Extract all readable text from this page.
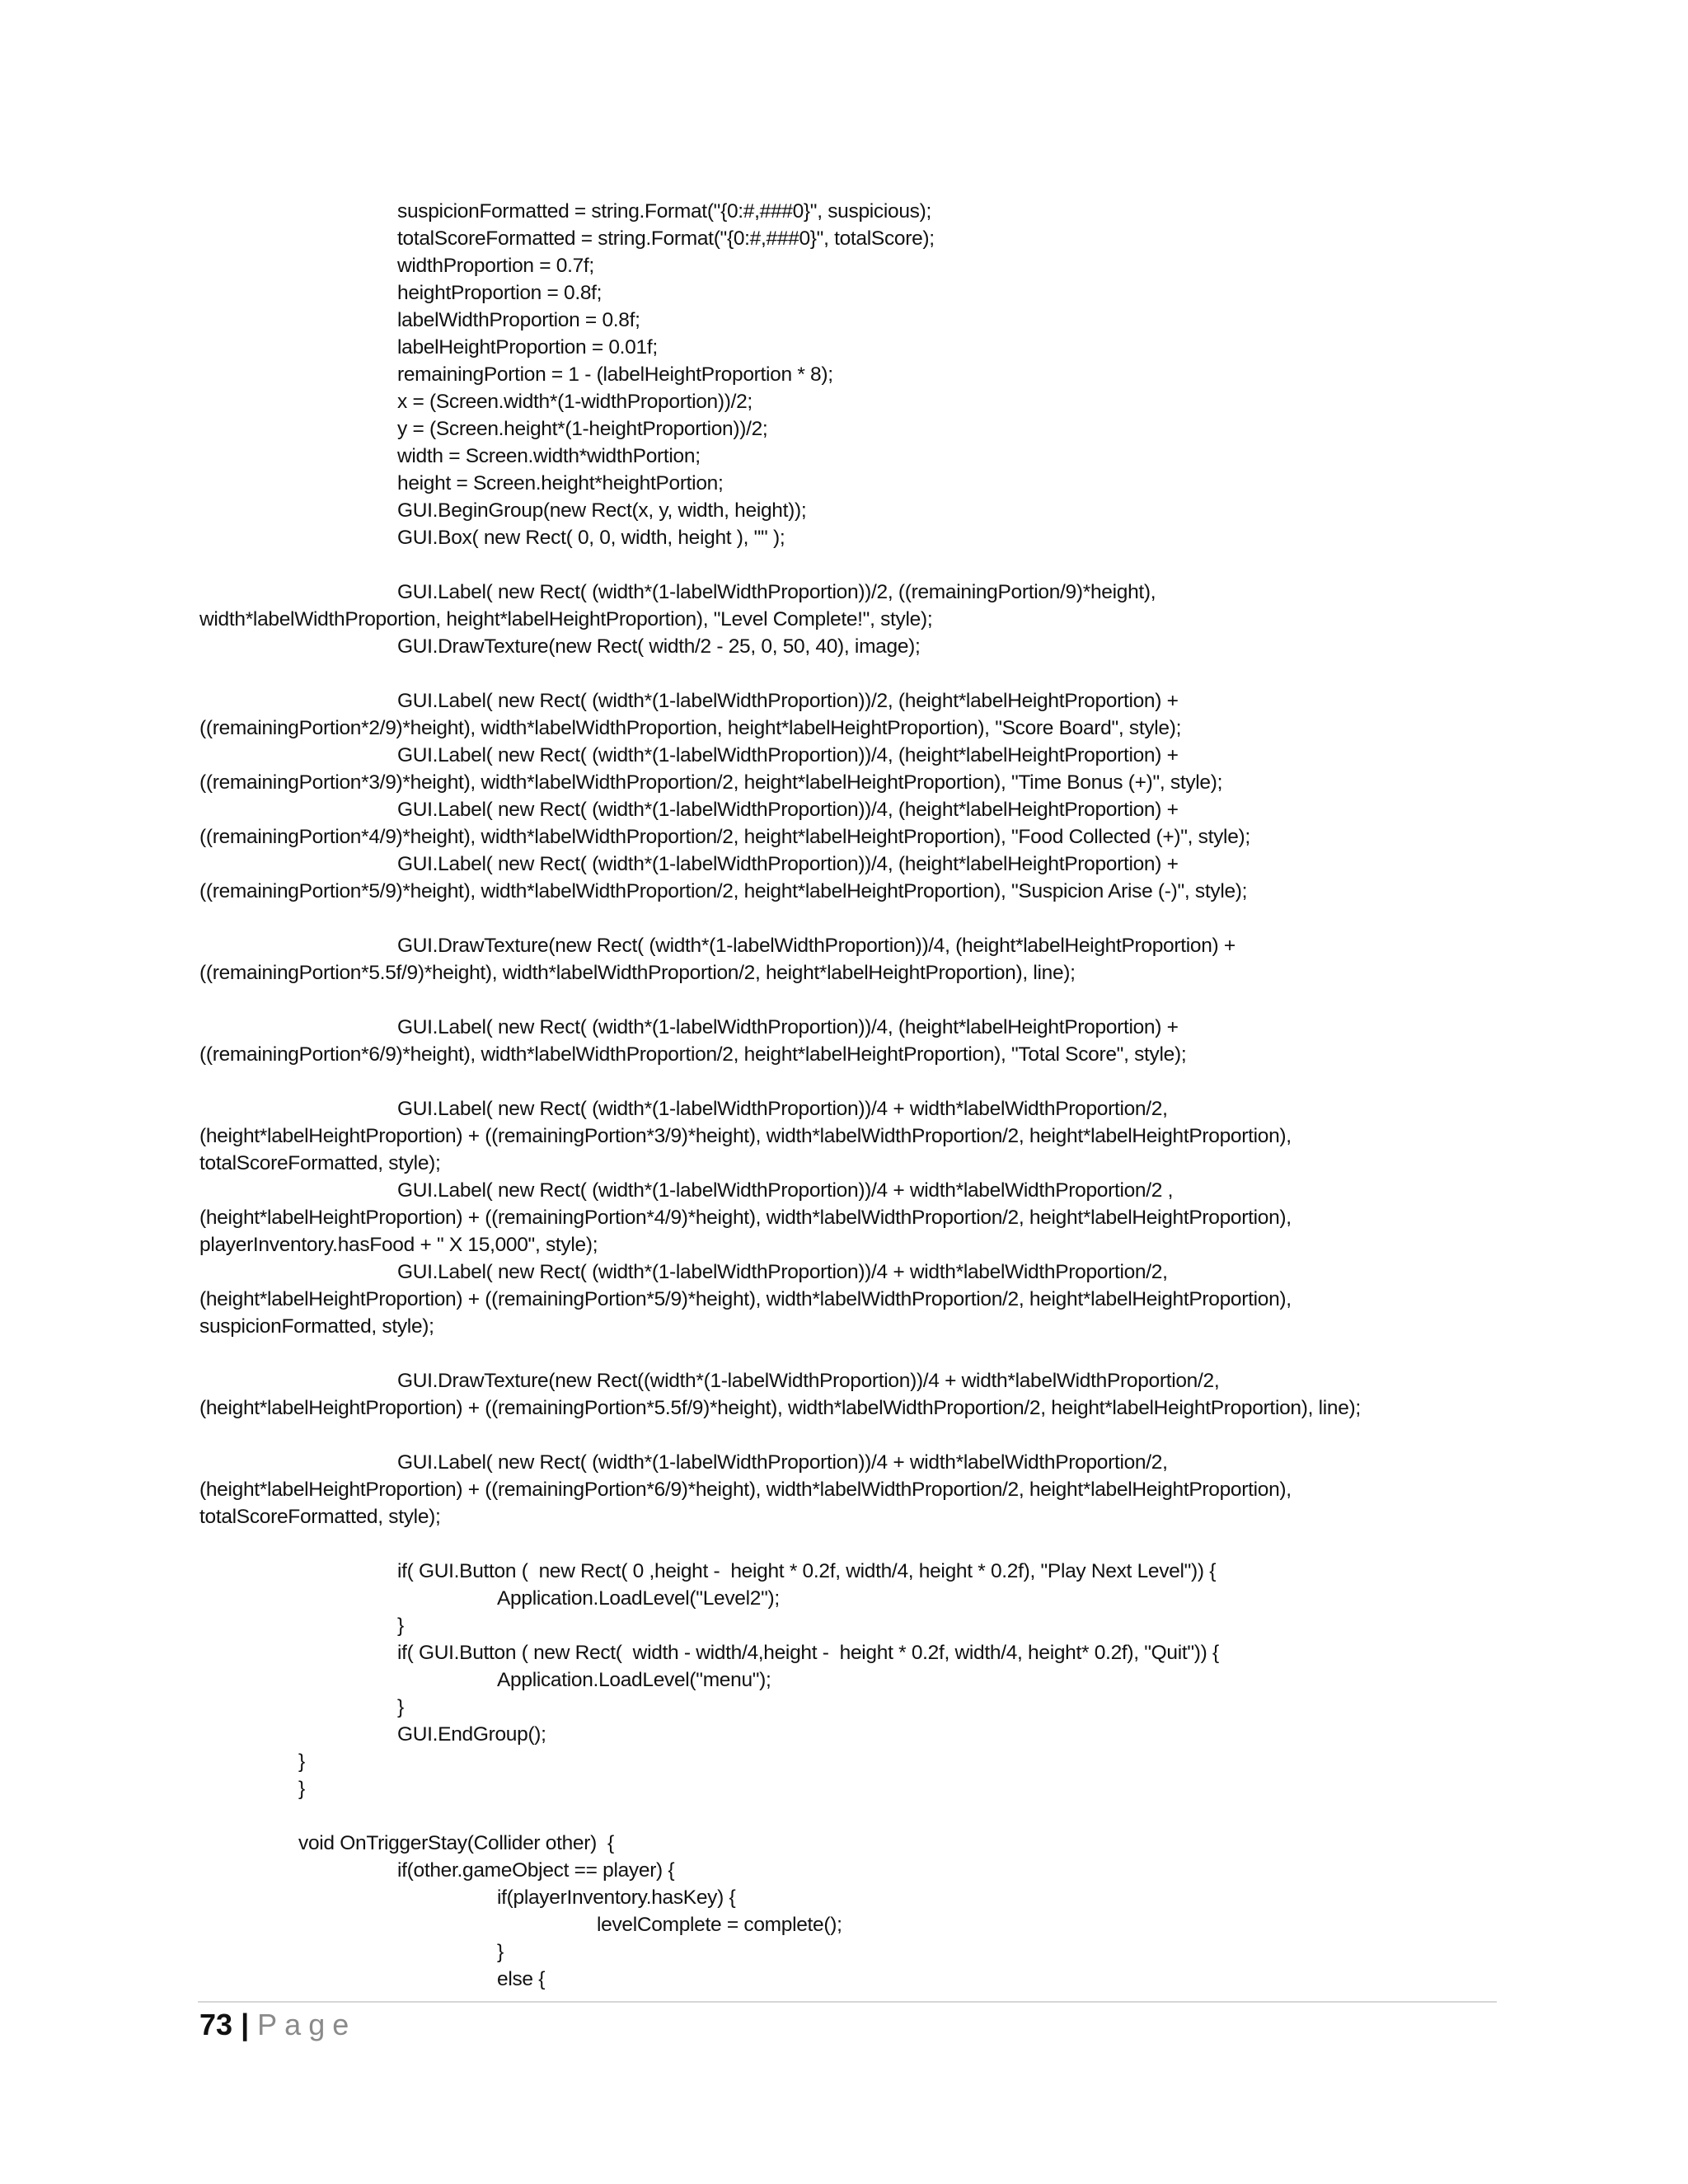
suspicionFormatted = string.Format("{0:#,###0}", suspicious);
totalScoreFormatted = string.Format("{0:#,###0}", totalScore);
widthProportion = 0.7f;
heightProportion = 0.8f;
labelWidthProportion = 0.8f;
labelHeightProportion = 0.01f;
remainingPortion = 1 - (labelHeightProportion * 8);
x = (Screen.width*(1-widthProportion))/2;
y = (Screen.height*(1-heightProportion))/2;
width = Screen.width*widthPortion;
height = Screen.height*heightPortion;
GUI.BeginGroup(new Rect(x, y, width, height));
GUI.Box( new Rect( 0, 0, width, height ), "" );
GUI.Label( new Rect( (width*(1-labelWidthProportion))/2, ((remainingPortion/9)*height),
width*labelWidthProportion, height*labelHeightProportion), "Level Complete!", style);
GUI.DrawTexture(new Rect( width/2 - 25, 0, 50, 40), image);
GUI.Label( new Rect( (width*(1-labelWidthProportion))/2, (height*labelHeightProportion) +
((remainingPortion*2/9)*height), width*labelWidthProportion, height*labelHeightProportion), "Score Board", style);
GUI.Label( new Rect( (width*(1-labelWidthProportion))/4, (height*labelHeightProportion) +
((remainingPortion*3/9)*height), width*labelWidthProportion/2, height*labelHeightProportion), "Time Bonus (+)", style);
GUI.Label( new Rect( (width*(1-labelWidthProportion))/4, (height*labelHeightProportion) +
((remainingPortion*4/9)*height), width*labelWidthProportion/2, height*labelHeightProportion), "Food Collected (+)", style);
GUI.Label( new Rect( (width*(1-labelWidthProportion))/4, (height*labelHeightProportion) +
((remainingPortion*5/9)*height), width*labelWidthProportion/2, height*labelHeightProportion), "Suspicion Arise (-)", style);
GUI.DrawTexture(new Rect( (width*(1-labelWidthProportion))/4, (height*labelHeightProportion) +
((remainingPortion*5.5f/9)*height), width*labelWidthProportion/2, height*labelHeightProportion), line);
GUI.Label( new Rect( (width*(1-labelWidthProportion))/4, (height*labelHeightProportion) +
((remainingPortion*6/9)*height), width*labelWidthProportion/2, height*labelHeightProportion), "Total Score", style);
GUI.Label( new Rect( (width*(1-labelWidthProportion))/4 + width*labelWidthProportion/2,
(height*labelHeightProportion) + ((remainingPortion*3/9)*height), width*labelWidthProportion/2, height*labelHeightProportion),
totalScoreFormatted, style);
GUI.Label( new Rect( (width*(1-labelWidthProportion))/4 + width*labelWidthProportion/2 ,
(height*labelHeightProportion) + ((remainingPortion*4/9)*height), width*labelWidthProportion/2, height*labelHeightProportion),
playerInventory.hasFood + " X 15,000", style);
GUI.Label( new Rect( (width*(1-labelWidthProportion))/4 + width*labelWidthProportion/2,
(height*labelHeightProportion) + ((remainingPortion*5/9)*height), width*labelWidthProportion/2, height*labelHeightProportion),
suspicionFormatted, style);
GUI.DrawTexture(new Rect((width*(1-labelWidthProportion))/4 + width*labelWidthProportion/2,
(height*labelHeightProportion) + ((remainingPortion*5.5f/9)*height), width*labelWidthProportion/2, height*labelHeightProportion), line);
GUI.Label( new Rect( (width*(1-labelWidthProportion))/4 + width*labelWidthProportion/2,
(height*labelHeightProportion) + ((remainingPortion*6/9)*height), width*labelWidthProportion/2, height*labelHeightProportion),
totalScoreFormatted, style);
if( GUI.Button (  new Rect( 0 ,height -  height * 0.2f, width/4, height * 0.2f), "Play Next Level")) {
Application.LoadLevel("Level2");
}
if( GUI.Button ( new Rect(  width - width/4,height -  height * 0.2f, width/4, height* 0.2f), "Quit")) {
Application.LoadLevel("menu");
}
GUI.EndGroup();
}
}
void OnTriggerStay(Collider other)  {
if(other.gameObject == player) {
if(playerInventory.hasKey) {
levelComplete = complete();
}
else {
73 | Page
